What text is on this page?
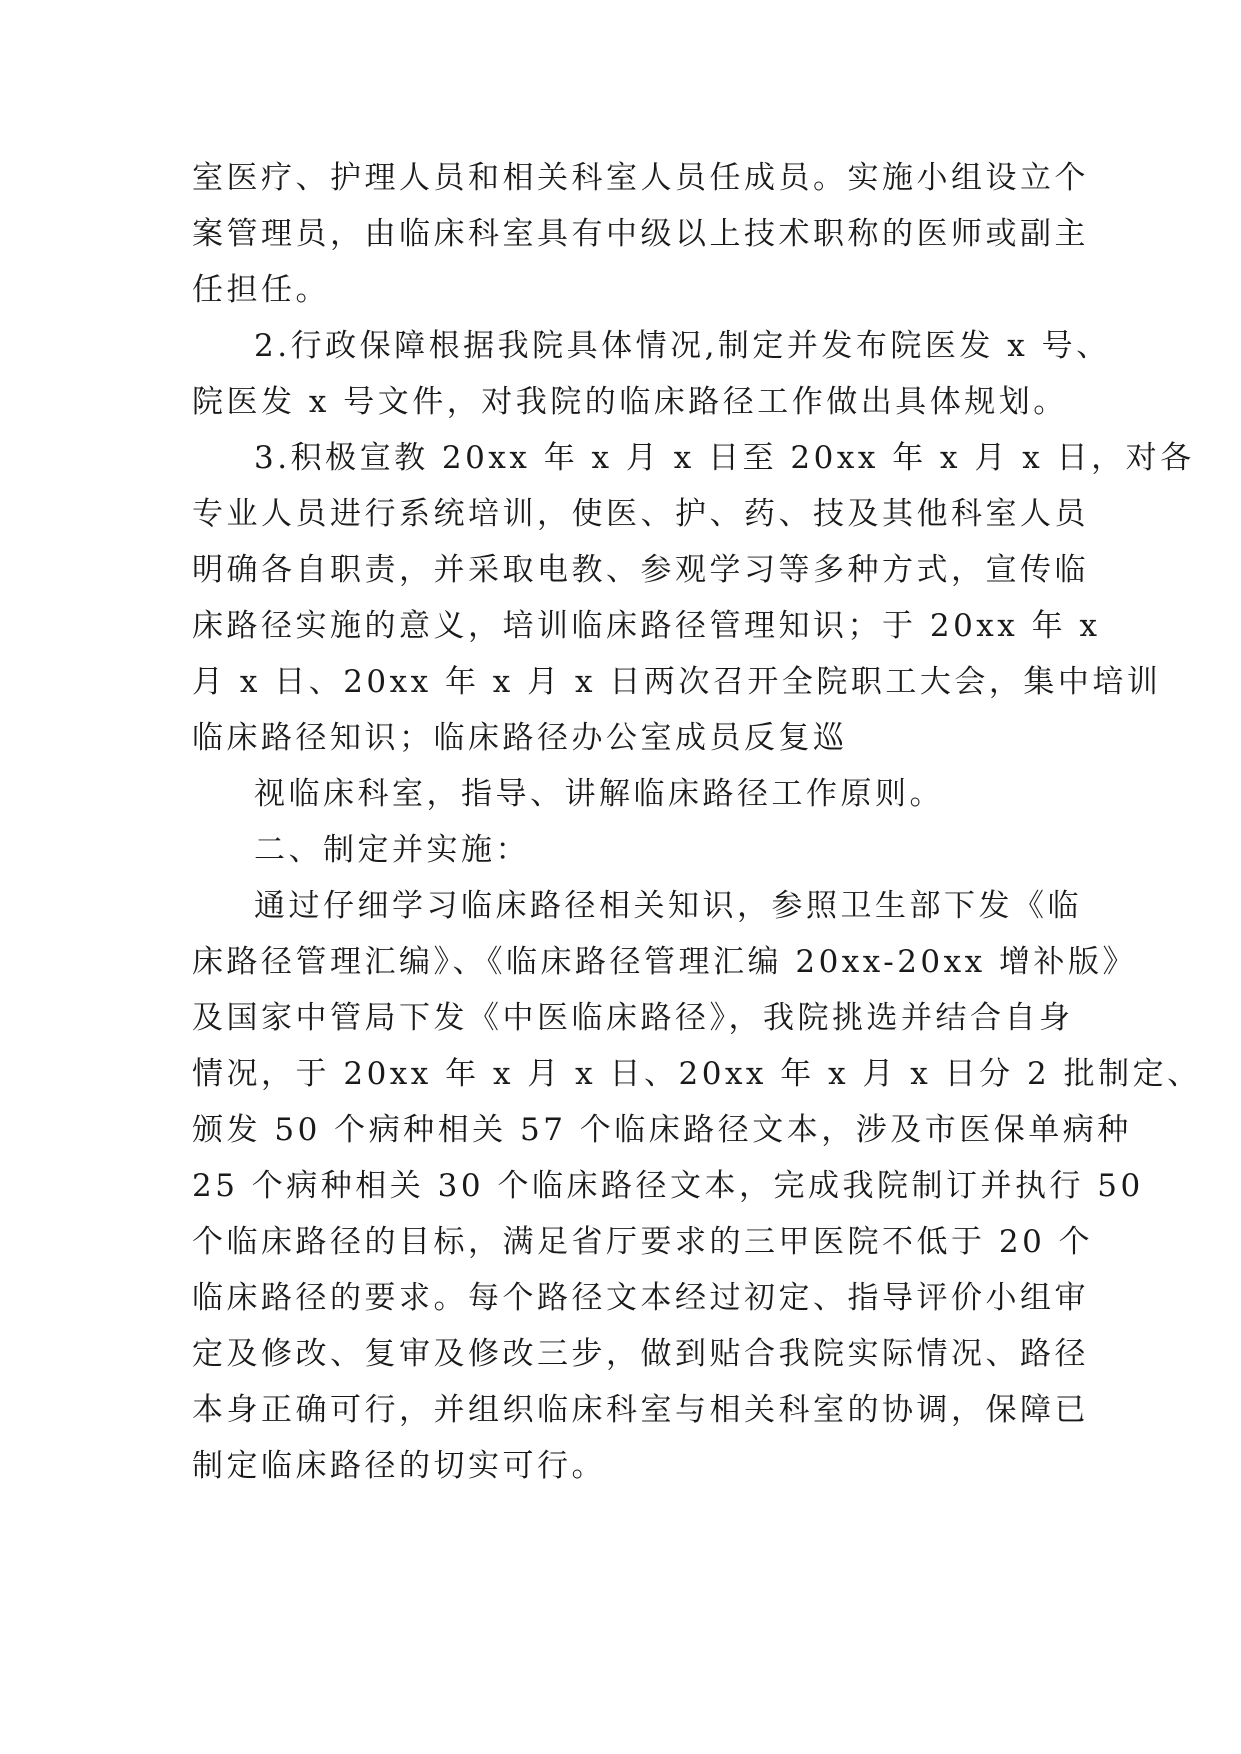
室医疗、护理人员和相关科室人员任成员。实施小组设立个
案管理员，由临床科室具有中级以上技术职称的医师或副主
任担任。
2.行政保障根据我院具体情况,制定并发布院医发 x 号、
院医发 x 号文件，对我院的临床路径工作做出具体规划。
3.积极宣教 20xx 年 x 月 x 日至 20xx 年 x 月 x 日，对各
专业人员进行系统培训，使医、护、药、技及其他科室人员
明确各自职责，并采取电教、参观学习等多种方式，宣传临
床路径实施的意义，培训临床路径管理知识；于 20xx 年 x
月 x 日、20xx 年 x 月 x 日两次召开全院职工大会，集中培训
临床路径知识；临床路径办公室成员反复巡
视临床科室，指导、讲解临床路径工作原则。
二、制定并实施：
通过仔细学习临床路径相关知识，参照卫生部下发《临
床路径管理汇编》、《临床路径管理汇编 20xx-20xx 增补版》
及国家中管局下发《中医临床路径》，我院挑选并结合自身
情况，于 20xx 年 x 月 x 日、20xx 年 x 月 x 日分 2 批制定、
颁发 50 个病种相关 57 个临床路径文本，涉及市医保单病种
25 个病种相关 30 个临床路径文本，完成我院制订并执行 50
个临床路径的目标，满足省厅要求的三甲医院不低于 20 个
临床路径的要求。每个路径文本经过初定、指导评价小组审
定及修改、复审及修改三步，做到贴合我院实际情况、路径
本身正确可行，并组织临床科室与相关科室的协调，保障已
制定临床路径的切实可行。
